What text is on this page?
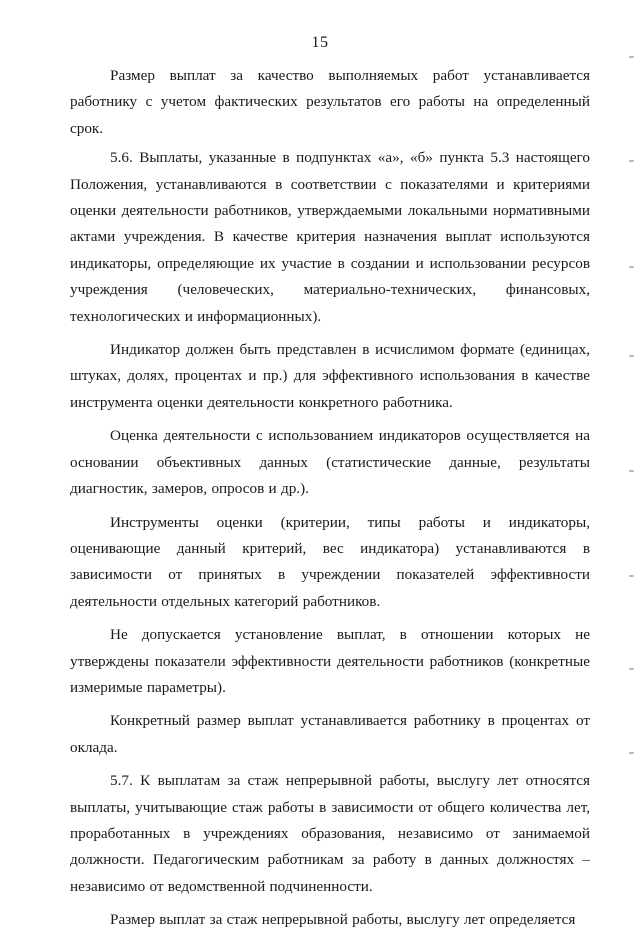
15

Размер выплат за качество выполняемых работ устанавливается работнику с учетом фактических результатов его работы на определенный срок.

5.6. Выплаты, указанные в подпунктах «а», «б» пункта 5.3 настоящего Положения, устанавливаются в соответствии с показателями и критериями оценки деятельности работников, утверждаемыми локальными нормативными актами учреждения. В качестве критерия назначения выплат используются индикаторы, определяющие их участие в создании и использовании ресурсов учреждения (человеческих, материально-технических, финансовых, технологических и информационных).

Индикатор должен быть представлен в исчислимом формате (единицах, штуках, долях, процентах и пр.) для эффективного использования в качестве инструмента оценки деятельности конкретного работника.

Оценка деятельности с использованием индикаторов осуществляется на основании объективных данных (статистические данные, результаты диагностик, замеров, опросов и др.).

Инструменты оценки (критерии, типы работы и индикаторы, оценивающие данный критерий, вес индикатора) устанавливаются в зависимости от принятых в учреждении показателей эффективности деятельности отдельных категорий работников.

Не допускается установление выплат, в отношении которых не утверждены показатели эффективности деятельности работников (конкретные измеримые параметры).

Конкретный размер выплат устанавливается работнику в процентах от оклада.

5.7. К выплатам за стаж непрерывной работы, выслугу лет относятся выплаты, учитывающие стаж работы в зависимости от общего количества лет, проработанных в учреждениях образования, независимо от занимаемой должности. Педагогическим работникам за работу в данных должностях – независимо от ведомственной подчиненности.

Размер выплат за стаж непрерывной работы, выслугу лет определяется
